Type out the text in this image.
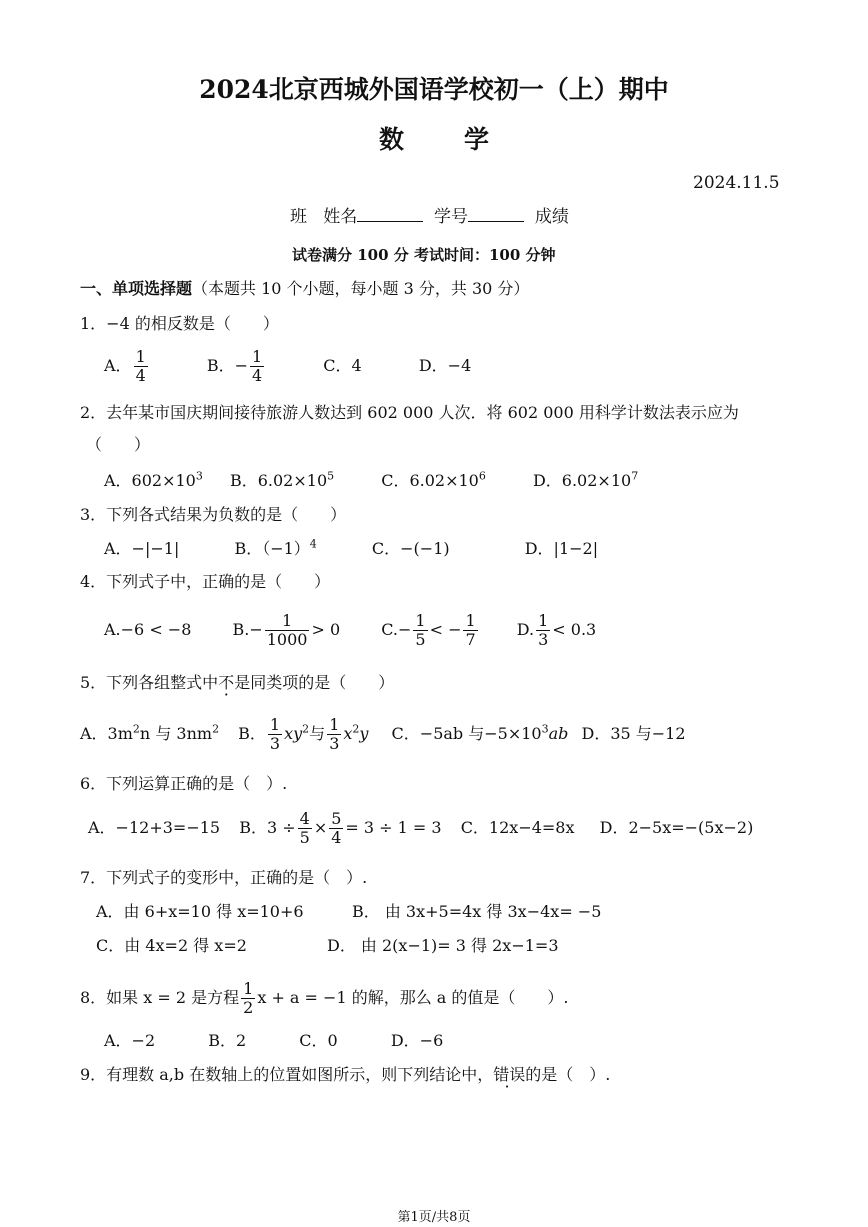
2024北京西城外国语学校初一（上）期中
数学
2024.11.5
班 姓名	学号	成绩
试卷满分 100 分 考试时间：100 分钟
一、单项选择题（本题共 10 个小题，每小题 3 分，共 30 分）
1．−4 的相反数是（　　）
A． $\frac{1}{4}$	B．− $\frac{1}{4}$	C．4	D．−4
2．去年某市国庆期间接待旅游人数达到 602 000 人次．将 602 000 用科学计数法表示应为
（　　）
A．$602\times 10^3$ B．$6.02\times 10^5$	C．$6.02\times 10^6$	D．$6.02\times 10^7$
3．下列各式结果为负数的是（　　）
A．−|−1|	B．$(-1)^4$	C．−(−1)	D．|1−2|
4．下列式子中，正确的是（　　）
A.−6 < −8	$B.- \frac{1}{1000} > 0$	$C.- \frac{1}{5}$ < − $\frac{1}{7} D$. $\frac{1}{3} < 0.3$
5．下列各组整式中不是同类项的是（　　）
A．$3m^2n$ 与 $3nm^2$ B． $\frac{1}{3} xy^2$与 $\frac{1}{3} x^2y$ C．−5ab 与$-5\times 10^3ab$ D．35 与−12
6．下列运算正确的是（　）.
A．−12+3=−15 B．$3 \div \frac{4}{5} \times \frac{5}{4} = 3 \div 1 = 3$ C．12x−4=8x D．2−5x=−(5x−2)
7．下列式子的变形中，正确的是（　）.
A．由 6+x=10 得 x=10+6	B． 由 3x+5=4x 得 3x−4x= −5
C．由 4x=2 得 x=2	D． 由 2(x−1)= 3 得 2x−1=3
8．如果 x = 2 是方程 $\frac{1}{2}$ x + a = −1 的解，那么 a 的值是（　　）.
A．−2	B．2	C．0	D．−6
9．有理数 a,b 在数轴上的位置如图所示，则下列结论中，错误的是（　）.
第1页/共8页
